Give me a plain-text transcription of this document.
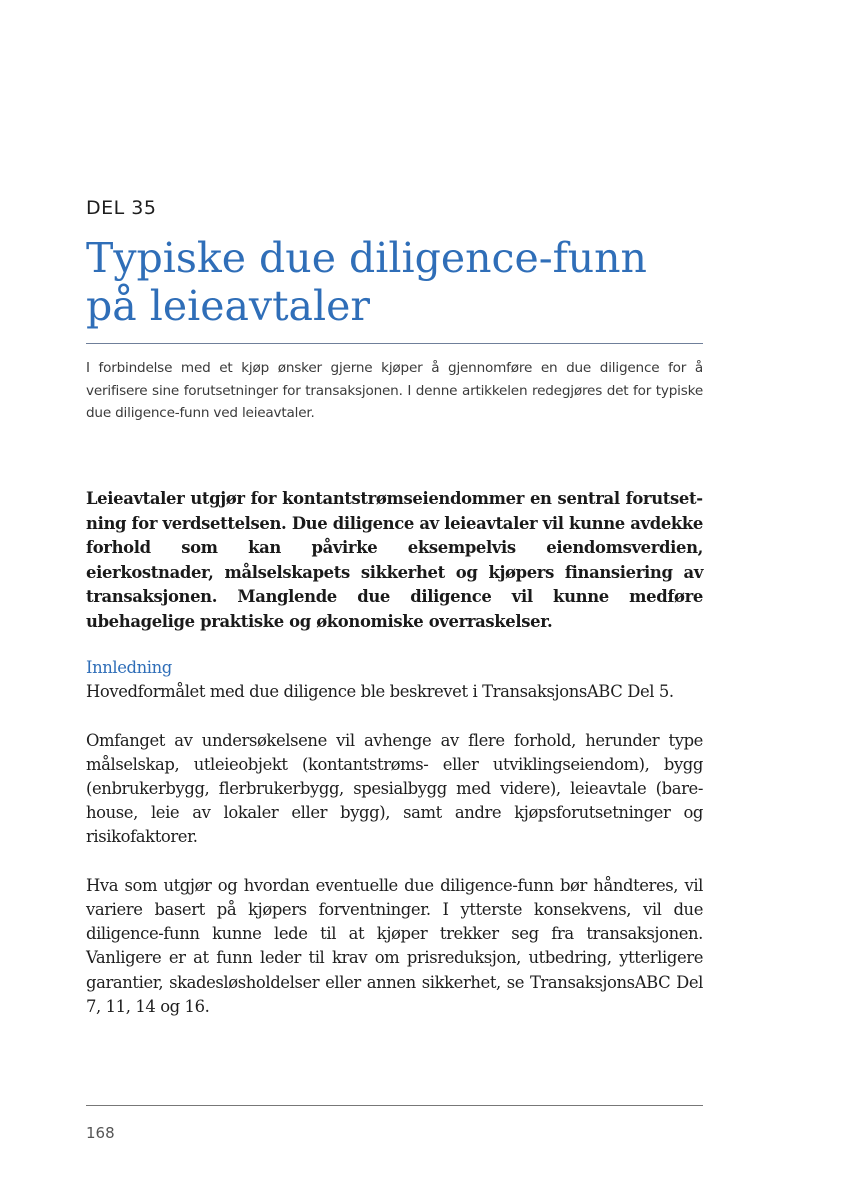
DEL 35
Typiske due diligence-funn på leieavtaler

I forbindelse med et kjøp ønsker gjerne kjøper å gjennomføre en due diligence for å verifisere sine forutsetninger for transaksjonen. I denne artikkelen redegjøres det for typiske due diligence-funn ved leieavtaler.

Leieavtaler utgjør for kontantstrømseiendommer en sentral forutsetning for verdsettelsen. Due diligence av leieavtaler vil kunne avdekke forhold som kan påvirke eksempelvis eiendomsverdien, eierkostnader, målselskapets sikkerhet og kjøpers finansiering av transaksjonen. Manglende due diligence vil kunne medføre ubehagelige praktiske og økonomiske overraskelser.

Innledning

Hovedformålet med due diligence ble beskrevet i TransaksjonsABC Del 5.

Omfanget av undersøkelsene vil avhenge av flere forhold, herunder type målselskap, utleieobjekt (kontantstrøms- eller utviklingseiendom), bygg (enbrukerbygg, flerbrukerbygg, spesialbygg med videre), leieavtale (bare-house, leie av lokaler eller bygg), samt andre kjøpsforutsetninger og risikofaktorer.

Hva som utgjør og hvordan eventuelle due diligence-funn bør håndteres, vil variere basert på kjøpers forventninger. I ytterste konsekvens, vil due diligence-funn kunne lede til at kjøper trekker seg fra transaksjonen. Vanligere er at funn leder til krav om prisreduksjon, utbedring, ytterligere garantier, skadesløsholdelser eller annen sikkerhet, se TransaksjonsABC Del 7, 11, 14 og 16.

168
